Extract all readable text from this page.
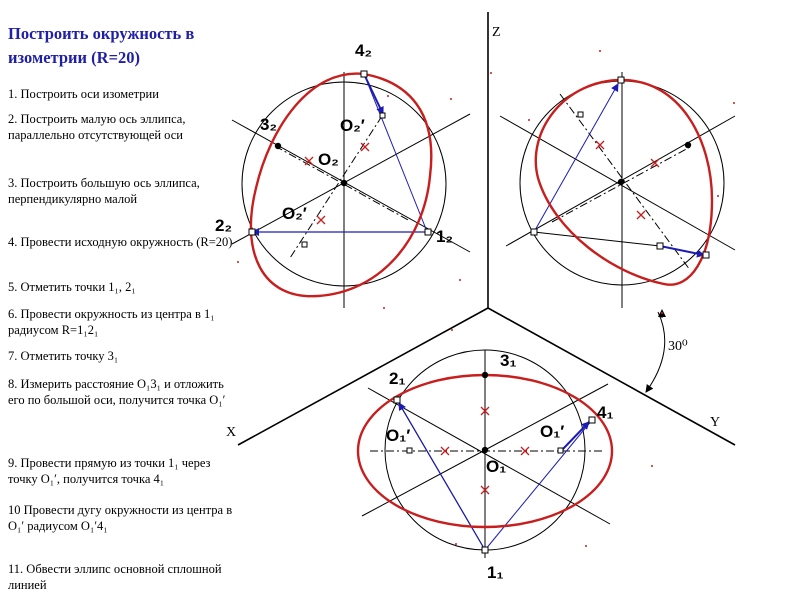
Построить окружность в изометрии (R=20)
1. Построить оси изометрии
2. Построить малую ось эллипса, параллельно отсутствующей оси
3. Построить большую ось эллипса, перпендикулярно малой
4. Провести исходную окружность (R=20)
5. Отметить точки 1₁, 2₁
6. Провести окружность из центра в 1₁ радиусом R=1₁2₁
7. Отметить точку 3₁
8. Измерить расстояние O₁3₁ и отложить его по большой оси, получится точка O₁′
9. Провести прямую из точки 1₁ через точку O₁′, получится точка 4₁
10 Провести дугу окружности из центра в O₁′ радиусом O₁′4₁
11. Обвести эллипс основной сплошной линией
Z
X
Y
30⁰
4₂
3₂	O₂′
O₂
O₂′
2₂
1₂
3₁
2₁
4₁
O₁′	O₁′
O₁
1₁
